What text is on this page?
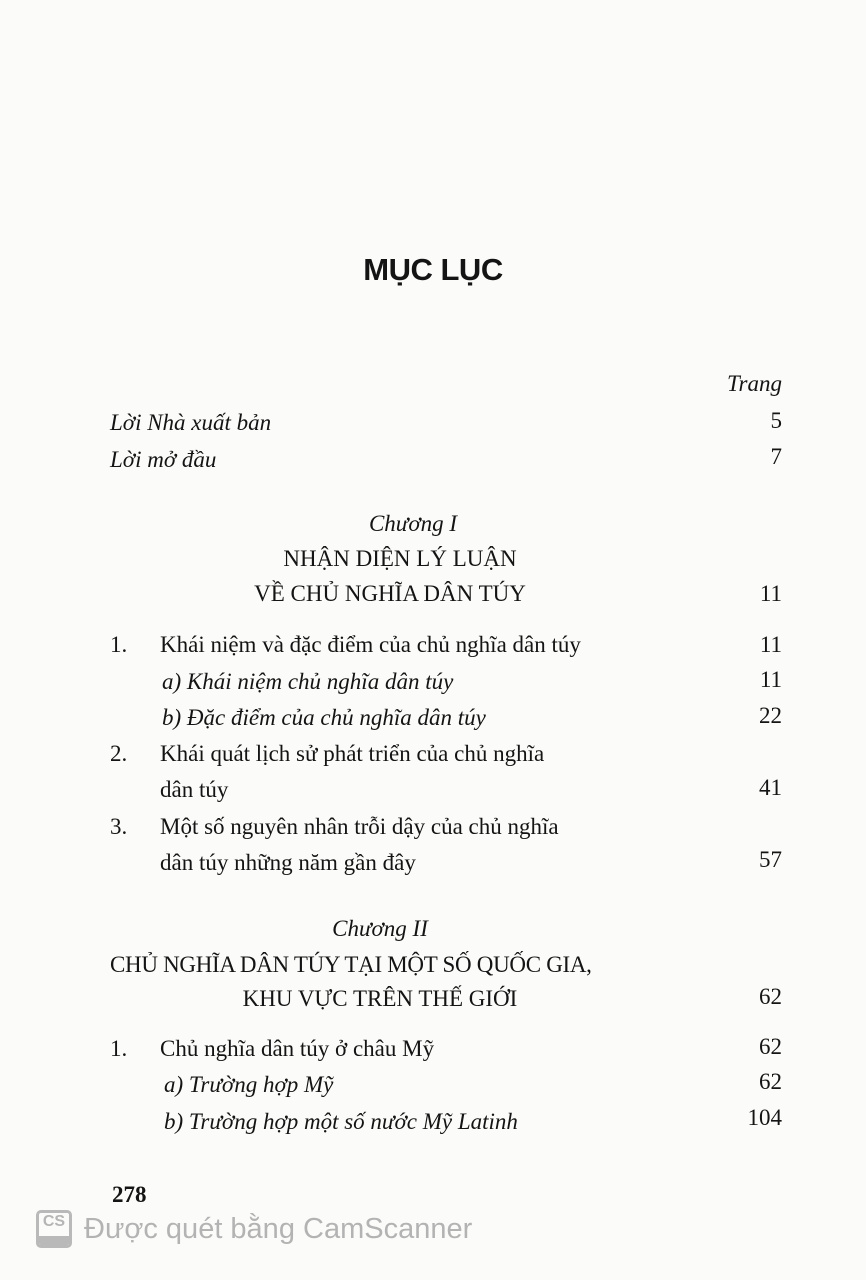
MỤC LỤC
Trang
Lời Nhà xuất bản	5
Lời mở đầu	7
Chương I
NHẬN DIỆN LÝ LUẬN
VỀ CHỦ NGHĨA DÂN TÚY	11
1. Khái niệm và đặc điểm của chủ nghĩa dân túy	11
a) Khái niệm chủ nghĩa dân túy	11
b) Đặc điểm của chủ nghĩa dân túy	22
2. Khái quát lịch sử phát triển của chủ nghĩa
dân túy	41
3. Một số nguyên nhân trỗi dậy của chủ nghĩa
dân túy những năm gần đây	57
Chương II
CHỦ NGHĨA DÂN TÚY TẠI MỘT SỐ QUỐC GIA,
KHU VỰC TRÊN THẾ GIỚI	62
1. Chủ nghĩa dân túy ở châu Mỹ	62
a) Trường hợp Mỹ	62
b) Trường hợp một số nước Mỹ Latinh	104
278
CS Được quét bằng CamScanner
